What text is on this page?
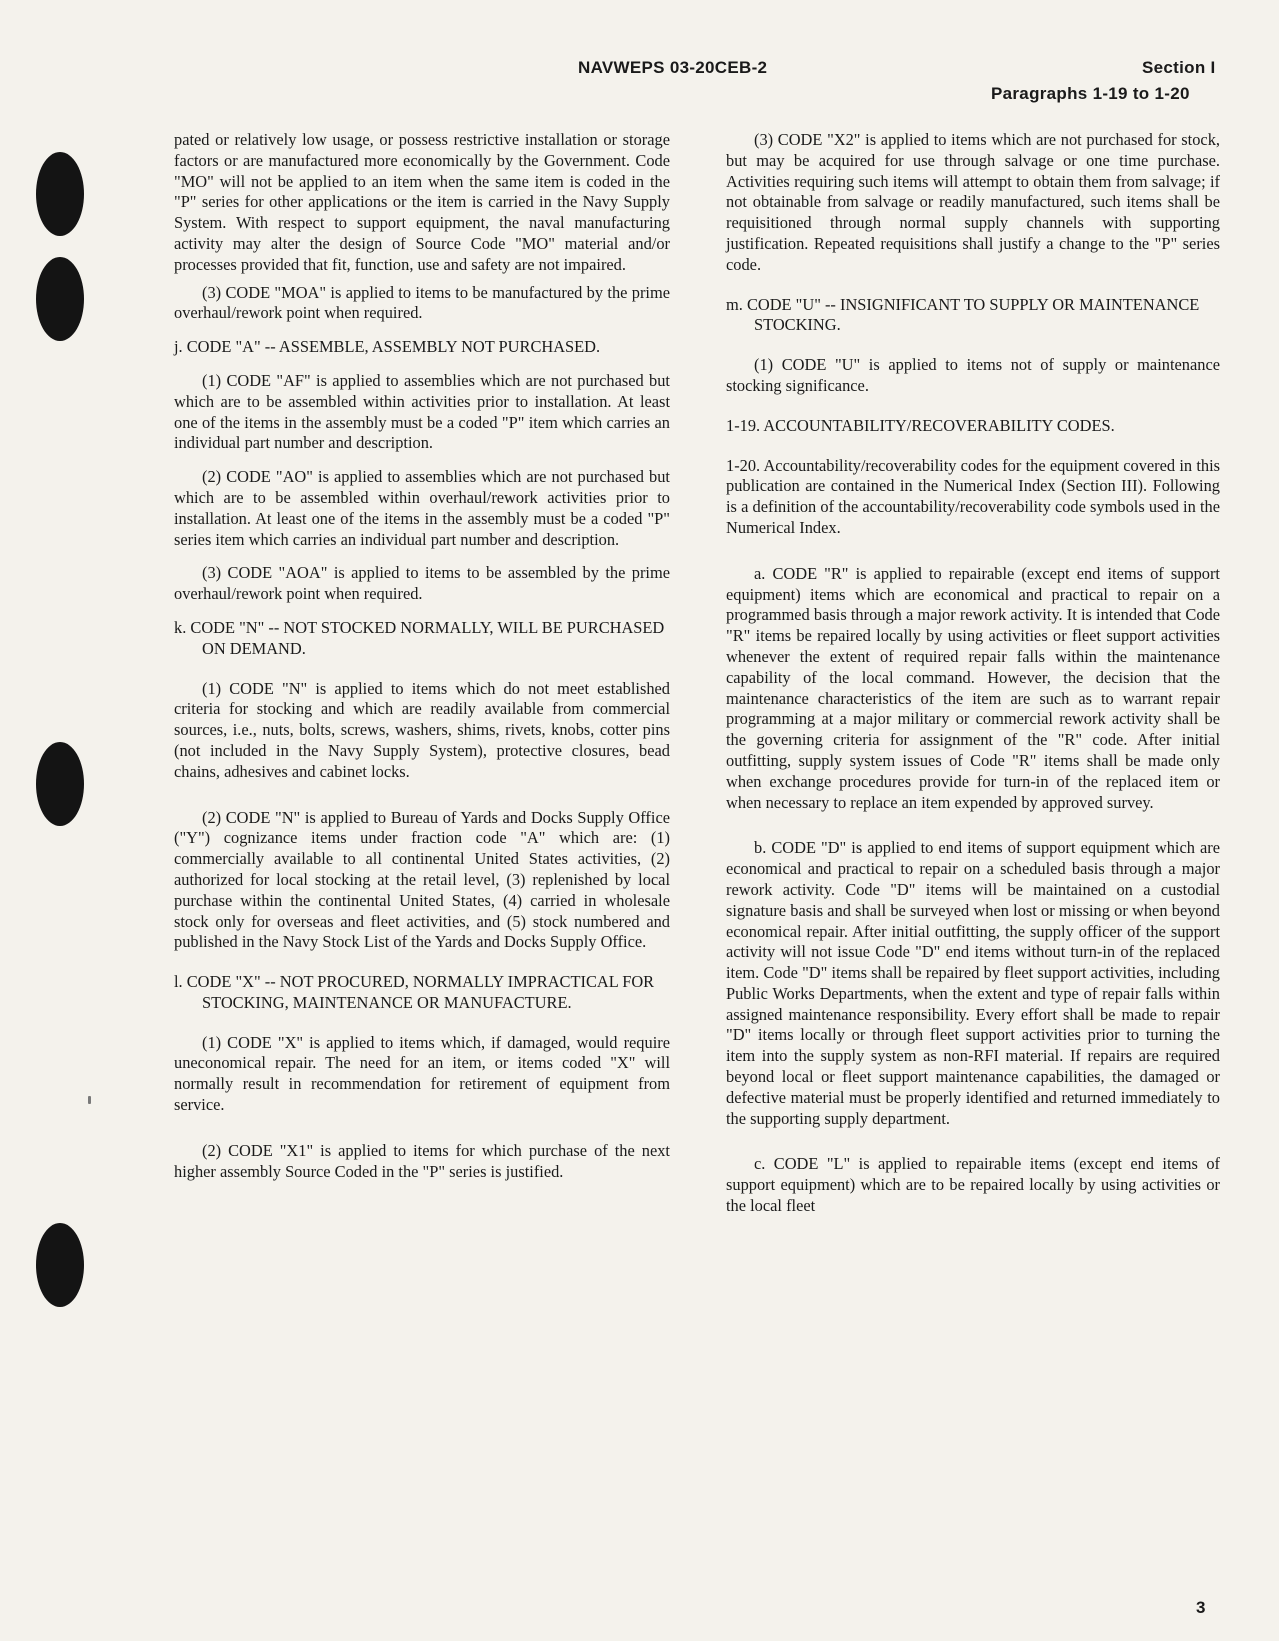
NAVWEPS 03-20CEB-2	Section I
Paragraphs 1-19 to 1-20

pated or relatively low usage, or possess restrictive installation or storage factors or are manufactured more economically by the Government. Code "MO" will not be applied to an item when the same item is coded in the "P" series for other applications or the item is carried in the Navy Supply System. With respect to support equipment, the naval manufacturing activity may alter the design of Source Code "MO" material and/or processes provided that fit, function, use and safety are not impaired.

(3) CODE "MOA" is applied to items to be manufactured by the prime overhaul/rework point when required.

j. CODE "A" -- ASSEMBLE, ASSEMBLY NOT PURCHASED.

(1) CODE "AF" is applied to assemblies which are not purchased but which are to be assembled within activities prior to installation. At least one of the items in the assembly must be a coded "P" item which carries an individual part number and description.

(2) CODE "AO" is applied to assemblies which are not purchased but which are to be assembled within overhaul/rework activities prior to installation. At least one of the items in the assembly must be a coded "P" series item which carries an individual part number and description.

(3) CODE "AOA" is applied to items to be assembled by the prime overhaul/rework point when required.

k. CODE "N" -- NOT STOCKED NORMALLY, WILL BE PURCHASED ON DEMAND.

(1) CODE "N" is applied to items which do not meet established criteria for stocking and which are readily available from commercial sources, i.e., nuts, bolts, screws, washers, shims, rivets, knobs, cotter pins (not included in the Navy Supply System), protective closures, bead chains, adhesives and cabinet locks.

(2) CODE "N" is applied to Bureau of Yards and Docks Supply Office ("Y") cognizance items under fraction code "A" which are: (1) commercially available to all continental United States activities, (2) authorized for local stocking at the retail level, (3) replenished by local purchase within the continental United States, (4) carried in wholesale stock only for overseas and fleet activities, and (5) stock numbered and published in the Navy Stock List of the Yards and Docks Supply Office.

l. CODE "X" -- NOT PROCURED, NORMALLY IMPRACTICAL FOR STOCKING, MAINTENANCE OR MANUFACTURE.

(1) CODE "X" is applied to items which, if damaged, would require uneconomical repair. The need for an item, or items coded "X" will normally result in recommendation for retirement of equipment from service.

(2) CODE "X1" is applied to items for which purchase of the next higher assembly Source Coded in the "P" series is justified.

(3) CODE "X2" is applied to items which are not purchased for stock, but may be acquired for use through salvage or one time purchase. Activities requiring such items will attempt to obtain them from salvage; if not obtainable from salvage or readily manufactured, such items shall be requisitioned through normal supply channels with supporting justification. Repeated requisitions shall justify a change to the "P" series code.

m. CODE "U" -- INSIGNIFICANT TO SUPPLY OR MAINTENANCE STOCKING.

(1) CODE "U" is applied to items not of supply or maintenance stocking significance.

1-19. ACCOUNTABILITY/RECOVERABILITY CODES.

1-20. Accountability/recoverability codes for the equipment covered in this publication are contained in the Numerical Index (Section III). Following is a definition of the accountability/recoverability code symbols used in the Numerical Index.

a. CODE "R" is applied to repairable (except end items of support equipment) items which are economical and practical to repair on a programmed basis through a major rework activity. It is intended that Code "R" items be repaired locally by using activities or fleet support activities whenever the extent of required repair falls within the maintenance capability of the local command. However, the decision that the maintenance characteristics of the item are such as to warrant repair programming at a major military or commercial rework activity shall be the governing criteria for assignment of the "R" code. After initial outfitting, supply system issues of Code "R" items shall be made only when exchange procedures provide for turn-in of the replaced item or when necessary to replace an item expended by approved survey.

b. CODE "D" is applied to end items of support equipment which are economical and practical to repair on a scheduled basis through a major rework activity. Code "D" items will be maintained on a custodial signature basis and shall be surveyed when lost or missing or when beyond economical repair. After initial outfitting, the supply officer of the support activity will not issue Code "D" end items without turn-in of the replaced item. Code "D" items shall be repaired by fleet support activities, including Public Works Departments, when the extent and type of repair falls within assigned maintenance responsibility. Every effort shall be made to repair "D" items locally or through fleet support activities prior to turning the item into the supply system as non-RFI material. If repairs are required beyond local or fleet support maintenance capabilities, the damaged or defective material must be properly identified and returned immediately to the supporting supply department.

c. CODE "L" is applied to repairable items (except end items of support equipment) which are to be repaired locally by using activities or the local fleet

3
